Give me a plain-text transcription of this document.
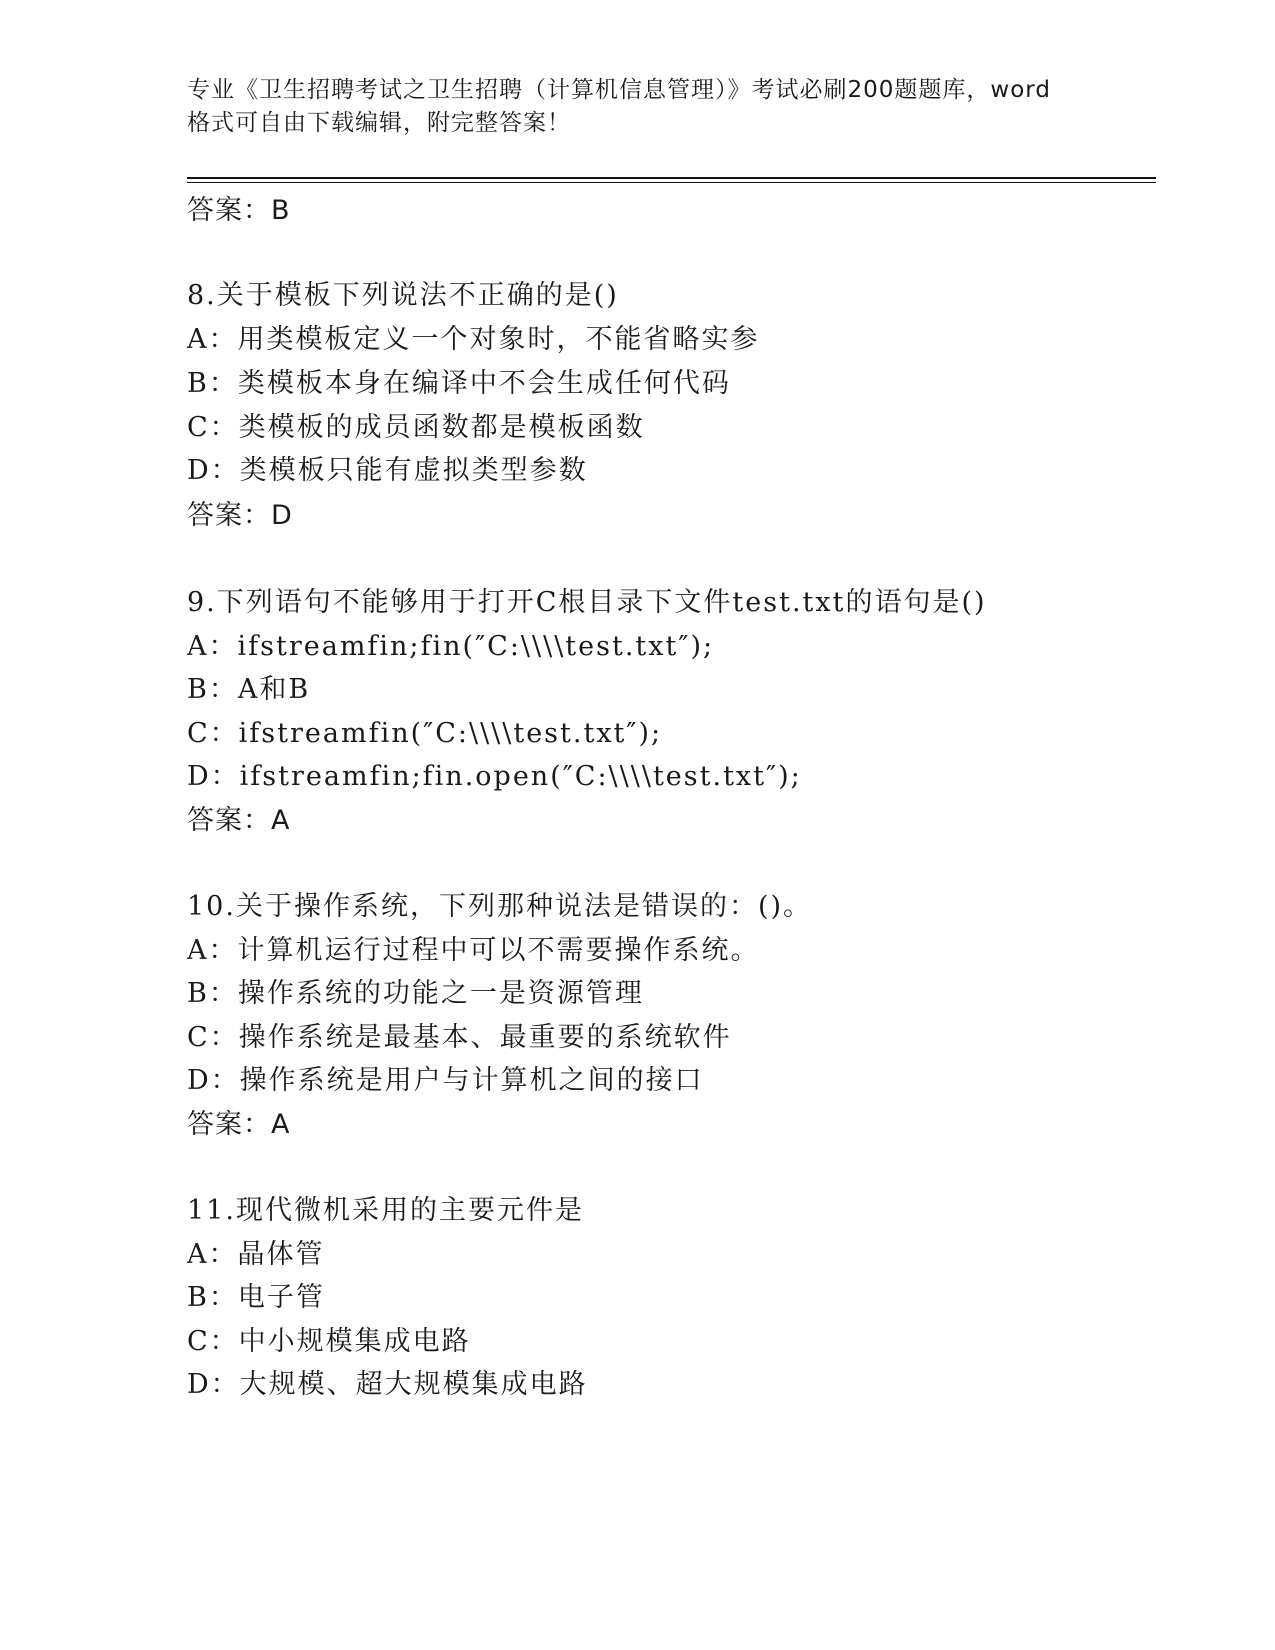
专业《卫生招聘考试之卫生招聘（计算机信息管理）》考试必刷200题题库，word
格式可自由下载编辑，附完整答案！
答案：B
8.关于模板下列说法不正确的是()
A：用类模板定义一个对象时，不能省略实参
B：类模板本身在编译中不会生成任何代码
C：类模板的成员函数都是模板函数
D：类模板只能有虚拟类型参数
答案：D
9.下列语句不能够用于打开C根目录下文件test.txt的语句是()
A：ifstreamfin;fin(″C:\\\\test.txt″);
B：A和B
C：ifstreamfin(″C:\\\\test.txt″);
D：ifstreamfin;fin.open(″C:\\\\test.txt″);
答案：A
10.关于操作系统，下列那种说法是错误的：()。
A：计算机运行过程中可以不需要操作系统。
B：操作系统的功能之一是资源管理
C：操作系统是最基本、最重要的系统软件
D：操作系统是用户与计算机之间的接口
答案：A
11.现代微机采用的主要元件是
A：晶体管
B：电子管
C：中小规模集成电路
D：大规模、超大规模集成电路
